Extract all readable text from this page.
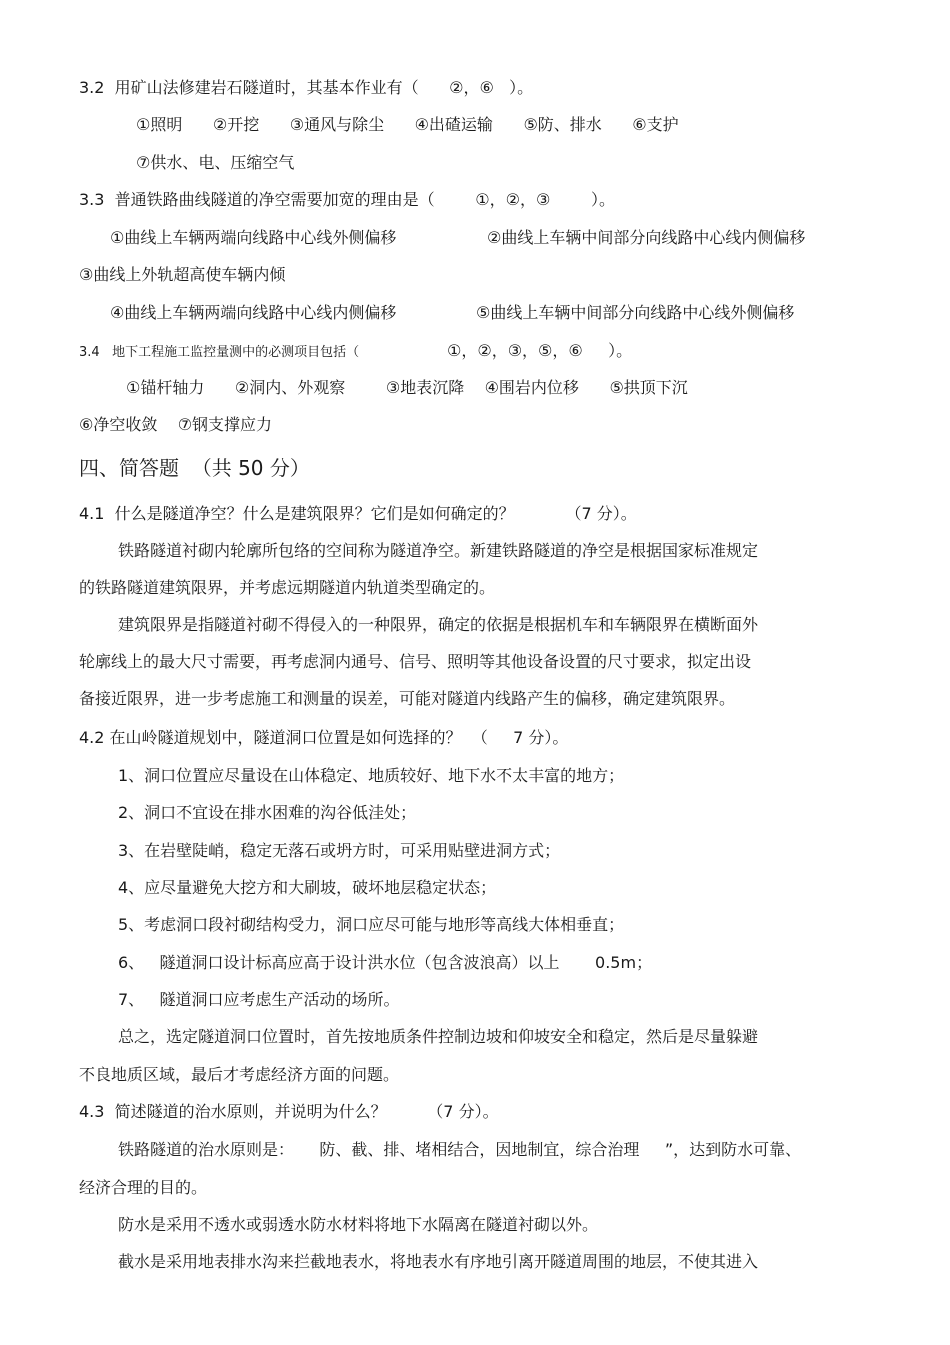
3.2  用矿山法修建岩石隧道时，其基本作业有（      ②，⑥   ）。
①照明      ②开挖      ③通风与除尘      ④出碴运输      ⑤防、排水      ⑥支护
⑦供水、电、压缩空气
3.3  普通铁路曲线隧道的净空需要加宽的理由是（        ①，②，③        ）。
①曲线上车辆两端向线路中心线外侧偏移	②曲线上车辆中间部分向线路中心线内侧偏移
③曲线上外轨超高使车辆内倾
④曲线上车辆两端向线路中心线内侧偏移	⑤曲线上车辆中间部分向线路中心线外侧偏移
3.4   地下工程施工监控量测中的必测项目包括（	①，②，③，⑤，⑥     ）。
①锚杆轴力      ②洞内、外观察        ③地表沉降    ④围岩内位移      ⑤拱顶下沉
⑥净空收敛    ⑦钢支撑应力
四、简答题  （共 50 分）
4.1  什么是隧道净空？什么是建筑限界？它们是如何确定的？          （7 分）。
铁路隧道衬砌内轮廓所包络的空间称为隧道净空。新建铁路隧道的净空是根据国家标准规定
的铁路隧道建筑限界，并考虑远期隧道内轨道类型确定的。
建筑限界是指隧道衬砌不得侵入的一种限界，确定的依据是根据机车和车辆限界在横断面外
轮廓线上的最大尺寸需要，再考虑洞内通号、信号、照明等其他设备设置的尺寸要求，拟定出设
备接近限界，进一步考虑施工和测量的误差，可能对隧道内线路产生的偏移，确定建筑限界。
4.2 在山岭隧道规划中，隧道洞口位置是如何选择的？  （     7 分）。
1、洞口位置应尽量设在山体稳定、地质较好、地下水不太丰富的地方；
2、洞口不宜设在排水困难的沟谷低洼处；
3、在岩壁陡峭，稳定无落石或坍方时，可采用贴壁进洞方式；
4、应尽量避免大挖方和大刷坡，破坏地层稳定状态；
5、考虑洞口段衬砌结构受力，洞口应尽可能与地形等高线大体相垂直；
6、   隧道洞口设计标高应高于设计洪水位（包含波浪高）以上       0.5m；
7、   隧道洞口应考虑生产活动的场所。
总之，选定隧道洞口位置时，首先按地质条件控制边坡和仰坡安全和稳定，然后是尽量躲避
不良地质区域，最后才考虑经济方面的问题。
4.3  简述隧道的治水原则，并说明为什么？        （7 分）。
铁路隧道的治水原则是：     防、截、排、堵相结合，因地制宜，综合治理     ”，达到防水可靠、
经济合理的目的。
防水是采用不透水或弱透水防水材料将地下水隔离在隧道衬砌以外。
截水是采用地表排水沟来拦截地表水，将地表水有序地引离开隧道周围的地层，不使其进入
